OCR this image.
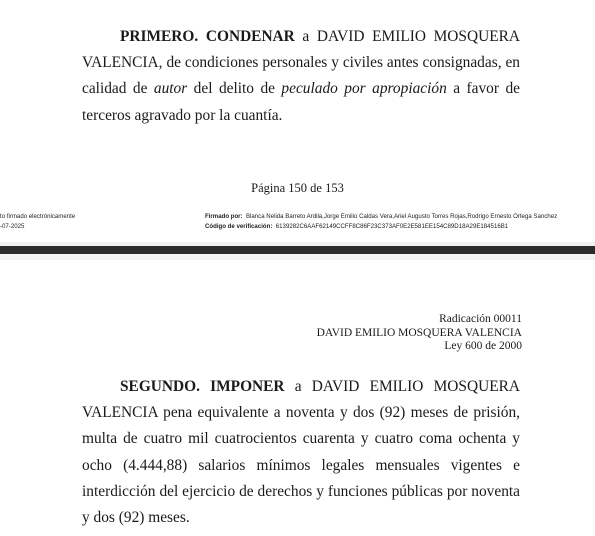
PRIMERO. CONDENAR a DAVID EMILIO MOSQUERA VALENCIA, de condiciones personales y civiles antes consignadas, en calidad de autor del delito de peculado por apropiación a favor de terceros agravado por la cuantía.

Página 150 de 153
to firmado electrónicamente
-07-2025
Firmado por: Blanca Nelida Barreto Ardila,Jorge Emilio Caldas Vera,Ariel Augusto Torres Rojas,Rodrigo Ernesto Ortega Sanchez
Código de verificación: 6139282C6AAF62149CCFF8C86F23C373AF0E2E581EE154C89D18A29E184516B1
Radicación 00011
DAVID EMILIO MOSQUERA VALENCIA
Ley 600 de 2000

SEGUNDO. IMPONER a DAVID EMILIO MOSQUERA VALENCIA pena equivalente a noventa y dos (92) meses de prisión, multa de cuatro mil cuatrocientos cuarenta y cuatro coma ochenta y ocho (4.444,88) salarios mínimos legales mensuales vigentes e interdicción del ejercicio de derechos y funciones públicas por noventa y dos (92) meses.
